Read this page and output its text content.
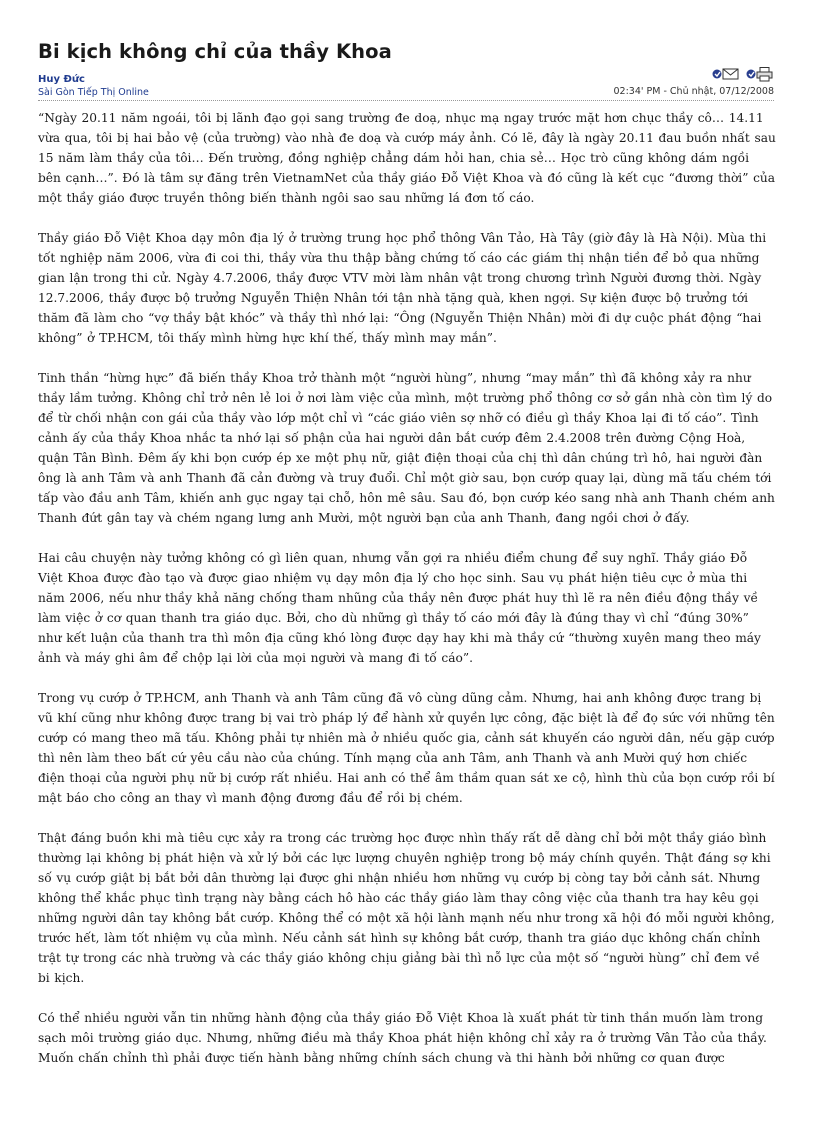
Bi kịch không chỉ của thầy Khoa
Huy Đức
Sài Gòn Tiếp Thị Online	02:34' PM - Chủ nhật, 07/12/2008

“Ngày 20.11 năm ngoái, tôi bị lãnh đạo gọi sang trường đe doạ, nhục mạ ngay trước mặt hơn chục thầy cô… 14.11 vừa qua, tôi bị hai bảo vệ (của trường) vào nhà đe doạ và cướp máy ảnh. Có lẽ, đây là ngày 20.11 đau buồn nhất sau 15 năm làm thầy của tôi… Đến trường, đồng nghiệp chẳng dám hỏi han, chia sẻ… Học trò cũng không dám ngồi bên cạnh…”. Đó là tâm sự đăng trên VietnamNet của thầy giáo Đỗ Việt Khoa và đó cũng là kết cục “đương thời” của một thầy giáo được truyền thông biến thành ngôi sao sau những lá đơn tố cáo.

Thầy giáo Đỗ Việt Khoa dạy môn địa lý ở trường trung học phổ thông Vân Tảo, Hà Tây (giờ đây là Hà Nội). Mùa thi tốt nghiệp năm 2006, vừa đi coi thi, thầy vừa thu thập bằng chứng tố cáo các giám thị nhận tiền để bỏ qua những gian lận trong thi cử. Ngày 4.7.2006, thầy được VTV mời làm nhân vật trong chương trình Người đương thời. Ngày 12.7.2006, thầy được bộ trưởng Nguyễn Thiện Nhân tới tận nhà tặng quà, khen ngợi. Sự kiện được bộ trưởng tới thăm đã làm cho “vợ thầy bật khóc” và thầy thì nhớ lại: “Ông (Nguyễn Thiện Nhân) mời đi dự cuộc phát động “hai không” ở TP.HCM, tôi thấy mình hừng hực khí thế, thấy mình may mắn”.

Tinh thần “hừng hực” đã biến thầy Khoa trở thành một “người hùng”, nhưng “may mắn” thì đã không xảy ra như thầy lầm tưởng. Không chỉ trở nên lẻ loi ở nơi làm việc của mình, một trường phổ thông cơ sở gần nhà còn tìm lý do để từ chối nhận con gái của thầy vào lớp một chỉ vì “các giáo viên sợ nhỡ có điều gì thầy Khoa lại đi tố cáo”. Tình cảnh ấy của thầy Khoa nhắc ta nhớ lại số phận của hai người dân bắt cướp đêm 2.4.2008 trên đường Cộng Hoà, quận Tân Bình. Đêm ấy khi bọn cướp ép xe một phụ nữ, giật điện thoại của chị thì dân chúng trì hô, hai người đàn ông là anh Tâm và anh Thanh đã cản đường và truy đuổi. Chỉ một giờ sau, bọn cướp quay lại, dùng mã tấu chém tới tấp vào đầu anh Tâm, khiến anh gục ngay tại chỗ, hôn mê sâu. Sau đó, bọn cướp kéo sang nhà anh Thanh chém anh Thanh đứt gân tay và chém ngang lưng anh Mười, một người bạn của anh Thanh, đang ngồi chơi ở đấy.

Hai câu chuyện này tưởng không có gì liên quan, nhưng vẫn gợi ra nhiều điểm chung để suy nghĩ. Thầy giáo Đỗ Việt Khoa được đào tạo và được giao nhiệm vụ dạy môn địa lý cho học sinh. Sau vụ phát hiện tiêu cực ở mùa thi năm 2006, nếu như thầy khả năng chống tham nhũng của thầy nên được phát huy thì lẽ ra nên điều động thầy về làm việc ở cơ quan thanh tra giáo dục. Bởi, cho dù những gì thầy tố cáo mới đây là đúng thay vì chỉ “đúng 30%” như kết luận của thanh tra thì môn địa cũng khó lòng được dạy hay khi mà thầy cứ “thường xuyên mang theo máy ảnh và máy ghi âm để chộp lại lời của mọi người và mang đi tố cáo”.

Trong vụ cướp ở TP.HCM, anh Thanh và anh Tâm cũng đã vô cùng dũng cảm. Nhưng, hai anh không được trang bị vũ khí cũng như không được trang bị vai trò pháp lý để hành xử quyền lực công, đặc biệt là để đọ sức với những tên cướp có mang theo mã tấu. Không phải tự nhiên mà ở nhiều quốc gia, cảnh sát khuyến cáo người dân, nếu gặp cướp thì nên làm theo bất cứ yêu cầu nào của chúng. Tính mạng của anh Tâm, anh Thanh và anh Mười quý hơn chiếc điện thoại của người phụ nữ bị cướp rất nhiều. Hai anh có thể âm thầm quan sát xe cộ, hình thù của bọn cướp rồi bí mật báo cho công an thay vì manh động đương đầu để rồi bị chém.

Thật đáng buồn khi mà tiêu cực xảy ra trong các trường học được nhìn thấy rất dễ dàng chỉ bởi một thầy giáo bình thường lại không bị phát hiện và xử lý bởi các lực lượng chuyên nghiệp trong bộ máy chính quyền. Thật đáng sợ khi số vụ cướp giật bị bắt bởi dân thường lại được ghi nhận nhiều hơn những vụ cướp bị còng tay bởi cảnh sát. Nhưng không thể khắc phục tình trạng này bằng cách hô hào các thầy giáo làm thay công việc của thanh tra hay kêu gọi những người dân tay không bắt cướp. Không thể có một xã hội lành mạnh nếu như trong xã hội đó mỗi người không, trước hết, làm tốt nhiệm vụ của mình. Nếu cảnh sát hình sự không bắt cướp, thanh tra giáo dục không chấn chỉnh trật tự trong các nhà trường và các thầy giáo không chịu giảng bài thì nỗ lực của một số “người hùng” chỉ đem về bi kịch.

Có thể nhiều người vẫn tin những hành động của thầy giáo Đỗ Việt Khoa là xuất phát từ tinh thần muốn làm trong sạch môi trường giáo dục. Nhưng, những điều mà thầy Khoa phát hiện không chỉ xảy ra ở trường Vân Tảo của thầy. Muốn chấn chỉnh thì phải được tiến hành bằng những chính sách chung và thi hành bởi những cơ quan được
